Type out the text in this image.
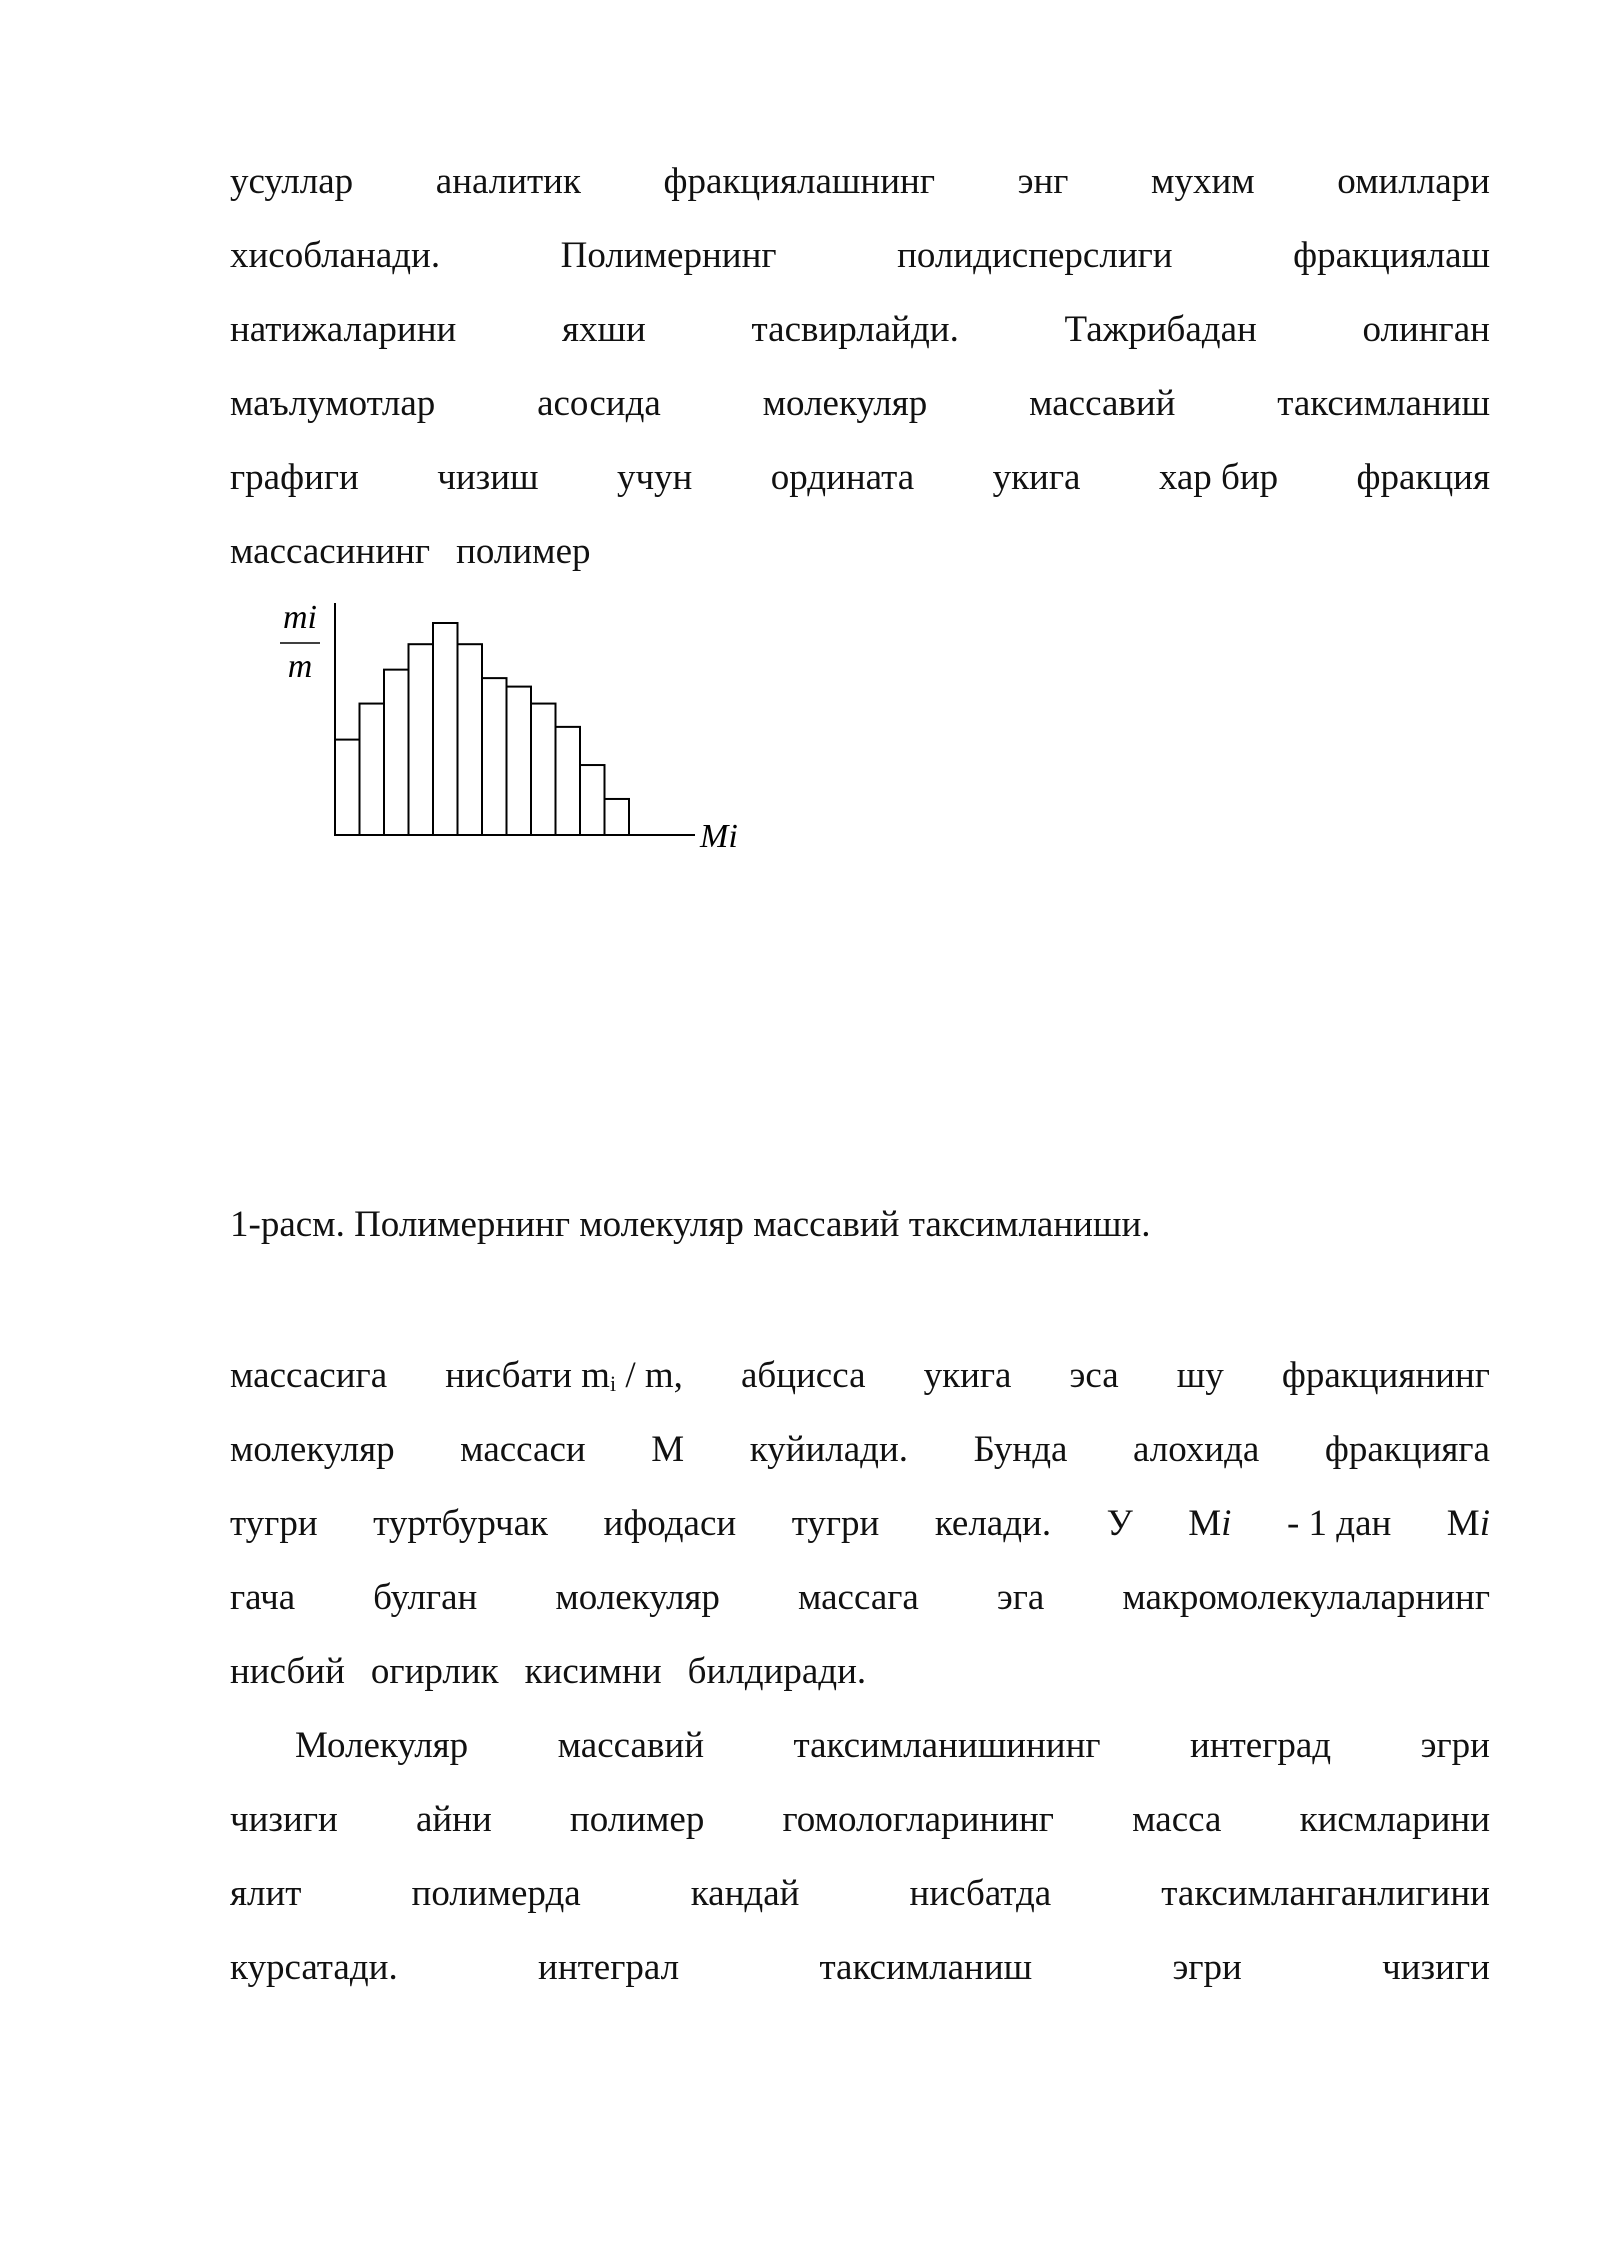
усуллар аналитик фракциялашнинг энг мухим омиллари
хисобланади.	Полимернинг	полидисперслиги	фракциялаш
натижаларини	яхши	тасвирлайди.	Тажрибадан	олинган
маълумотлар	асосида	молекуляр	массавий	таксимланиш
графиги чизиш учун ордината укига хар бир фракция
массасининг полимер
mi
m
Mi
1-расм. Полимернинг молекуляр массавий таксимланиши.
массасига нисбати $m_i$ / m, абцисса укига эса шу фракциянинг
молекуляр массаси М куйилади. Бунда алохида фракцияга
тугри туртбурчак ифодаси тугри келади. У Мi - 1 дан Мi
гача булган молекуляр массага эга макромолекулаларнинг
нисбий огирлик кисимни билдиради.
Молекуляр массавий таксимланишининг интеград эгри
чизиги айни полимер гомологларининг масса кисмларини
ялит	полимерда	кандай	нисбатда	таксимланганлигини
курсатади.	интеграл	таксимланиш	эгри	чизиги
